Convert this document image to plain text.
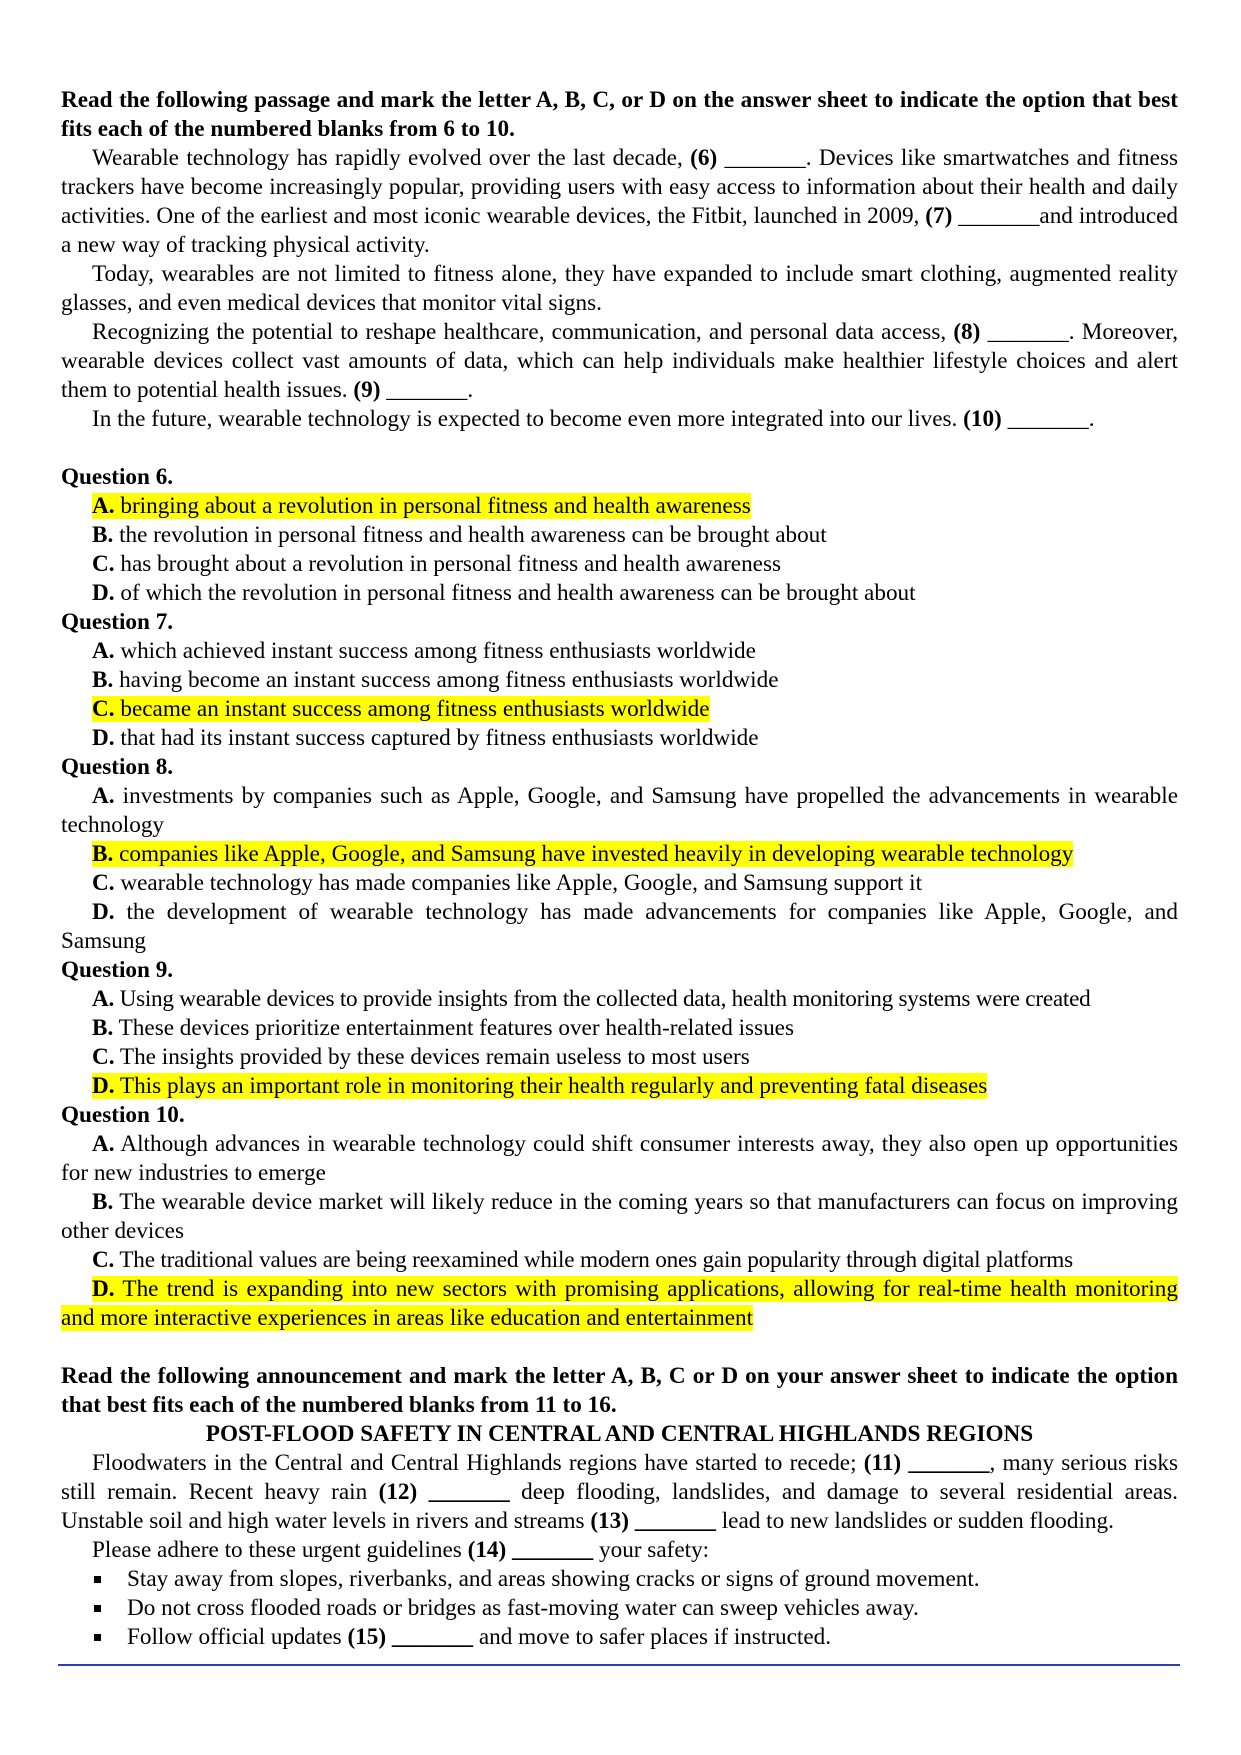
Read the following passage and mark the letter A, B, C, or D on the answer sheet to indicate the option that best fits each of the numbered blanks from 6 to 10.

Wearable technology has rapidly evolved over the last decade, (6) _______. Devices like smartwatches and fitness trackers have become increasingly popular, providing users with easy access to information about their health and daily activities. One of the earliest and most iconic wearable devices, the Fitbit, launched in 2009, (7) _______and introduced a new way of tracking physical activity.

Today, wearables are not limited to fitness alone, they have expanded to include smart clothing, augmented reality glasses, and even medical devices that monitor vital signs.

Recognizing the potential to reshape healthcare, communication, and personal data access, (8) _______. Moreover, wearable devices collect vast amounts of data, which can help individuals make healthier lifestyle choices and alert them to potential health issues. (9) _______.

In the future, wearable technology is expected to become even more integrated into our lives. (10) _______.

Question 6.

A. bringing about a revolution in personal fitness and health awareness

B. the revolution in personal fitness and health awareness can be brought about

C. has brought about a revolution in personal fitness and health awareness

D. of which the revolution in personal fitness and health awareness can be brought about

Question 7.

A. which achieved instant success among fitness enthusiasts worldwide

B. having become an instant success among fitness enthusiasts worldwide

C. became an instant success among fitness enthusiasts worldwide

D. that had its instant success captured by fitness enthusiasts worldwide

Question 8.

A. investments by companies such as Apple, Google, and Samsung have propelled the advancements in wearable technology

B. companies like Apple, Google, and Samsung have invested heavily in developing wearable technology

C. wearable technology has made companies like Apple, Google, and Samsung support it

D. the development of wearable technology has made advancements for companies like Apple, Google, and Samsung

Question 9.

A. Using wearable devices to provide insights from the collected data, health monitoring systems were created

B. These devices prioritize entertainment features over health-related issues

C. The insights provided by these devices remain useless to most users

D. This plays an important role in monitoring their health regularly and preventing fatal diseases

Question 10.

A. Although advances in wearable technology could shift consumer interests away, they also open up opportunities for new industries to emerge

B. The wearable device market will likely reduce in the coming years so that manufacturers can focus on improving other devices

C. The traditional values are being reexamined while modern ones gain popularity through digital platforms

D. The trend is expanding into new sectors with promising applications, allowing for real-time health monitoring and more interactive experiences in areas like education and entertainment

Read the following announcement and mark the letter A, B, C or D on your answer sheet to indicate the option that best fits each of the numbered blanks from 11 to 16.

POST-FLOOD SAFETY IN CENTRAL AND CENTRAL HIGHLANDS REGIONS

Floodwaters in the Central and Central Highlands regions have started to recede; (11) _______, many serious risks still remain. Recent heavy rain (12) _______ deep flooding, landslides, and damage to several residential areas. Unstable soil and high water levels in rivers and streams (13) _______ lead to new landslides or sudden flooding.

Please adhere to these urgent guidelines (14) _______ your safety:

Stay away from slopes, riverbanks, and areas showing cracks or signs of ground movement.
Do not cross flooded roads or bridges as fast-moving water can sweep vehicles away.
Follow official updates (15) _______ and move to safer places if instructed.
